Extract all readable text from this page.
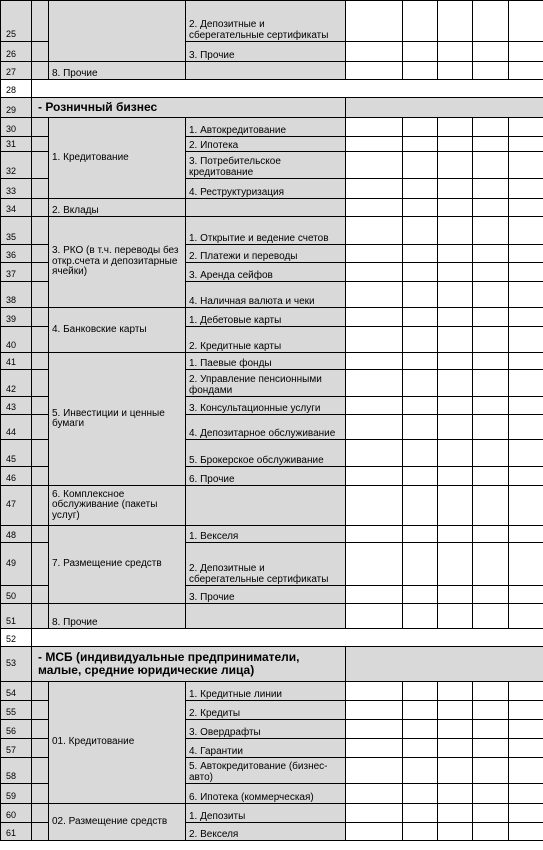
25			2. Депозитные и сберегательные сертификаты					
26			3. Прочие					
27		8. Прочие						
28								
29	- Розничный бизнес							
30		1. Кредитование	1. Автокредитование					
31			2. Ипотека					
32			3. Потребительское кредитование					
33			4. Реструктуризация					
34		2. Вклады						
35		3. РКО (в т.ч. переводы без откр.счета и депозитарные ячейки)	1. Открытие и ведение счетов					
36			2. Платежи и переводы					
37			3. Аренда сейфов					
38			4. Наличная валюта и чеки					
39		4. Банковские карты	1. Дебетовые карты					
40			2. Кредитные карты					
41		5. Инвестиции и ценные бумаги	1. Паевые фонды					
42			2. Управление пенсионными фондами					
43			3. Консультационные услуги					
44			4. Депозитарное обслуживание					
45			5. Брокерское обслуживание					
46			6. Прочие					
47		6. Комплексное обслуживание (пакеты услуг)						
48		7. Размещение средств	1. Векселя					
49			2. Депозитные и сберегательные сертификаты					
50			3. Прочие					
51		8. Прочие						
52								
53	- МСБ (индивидуальные предприниматели, малые, средние юридические лица)							
54		01. Кредитование	1. Кредитные линии					
55			2. Кредиты					
56			3. Овердрафты					
57			4. Гарантии					
58			5. Автокредитование (бизнес-авто)					
59			6. Ипотека (коммерческая)					
60		02. Размещение средств	1. Депозиты					
61			2. Векселя					
